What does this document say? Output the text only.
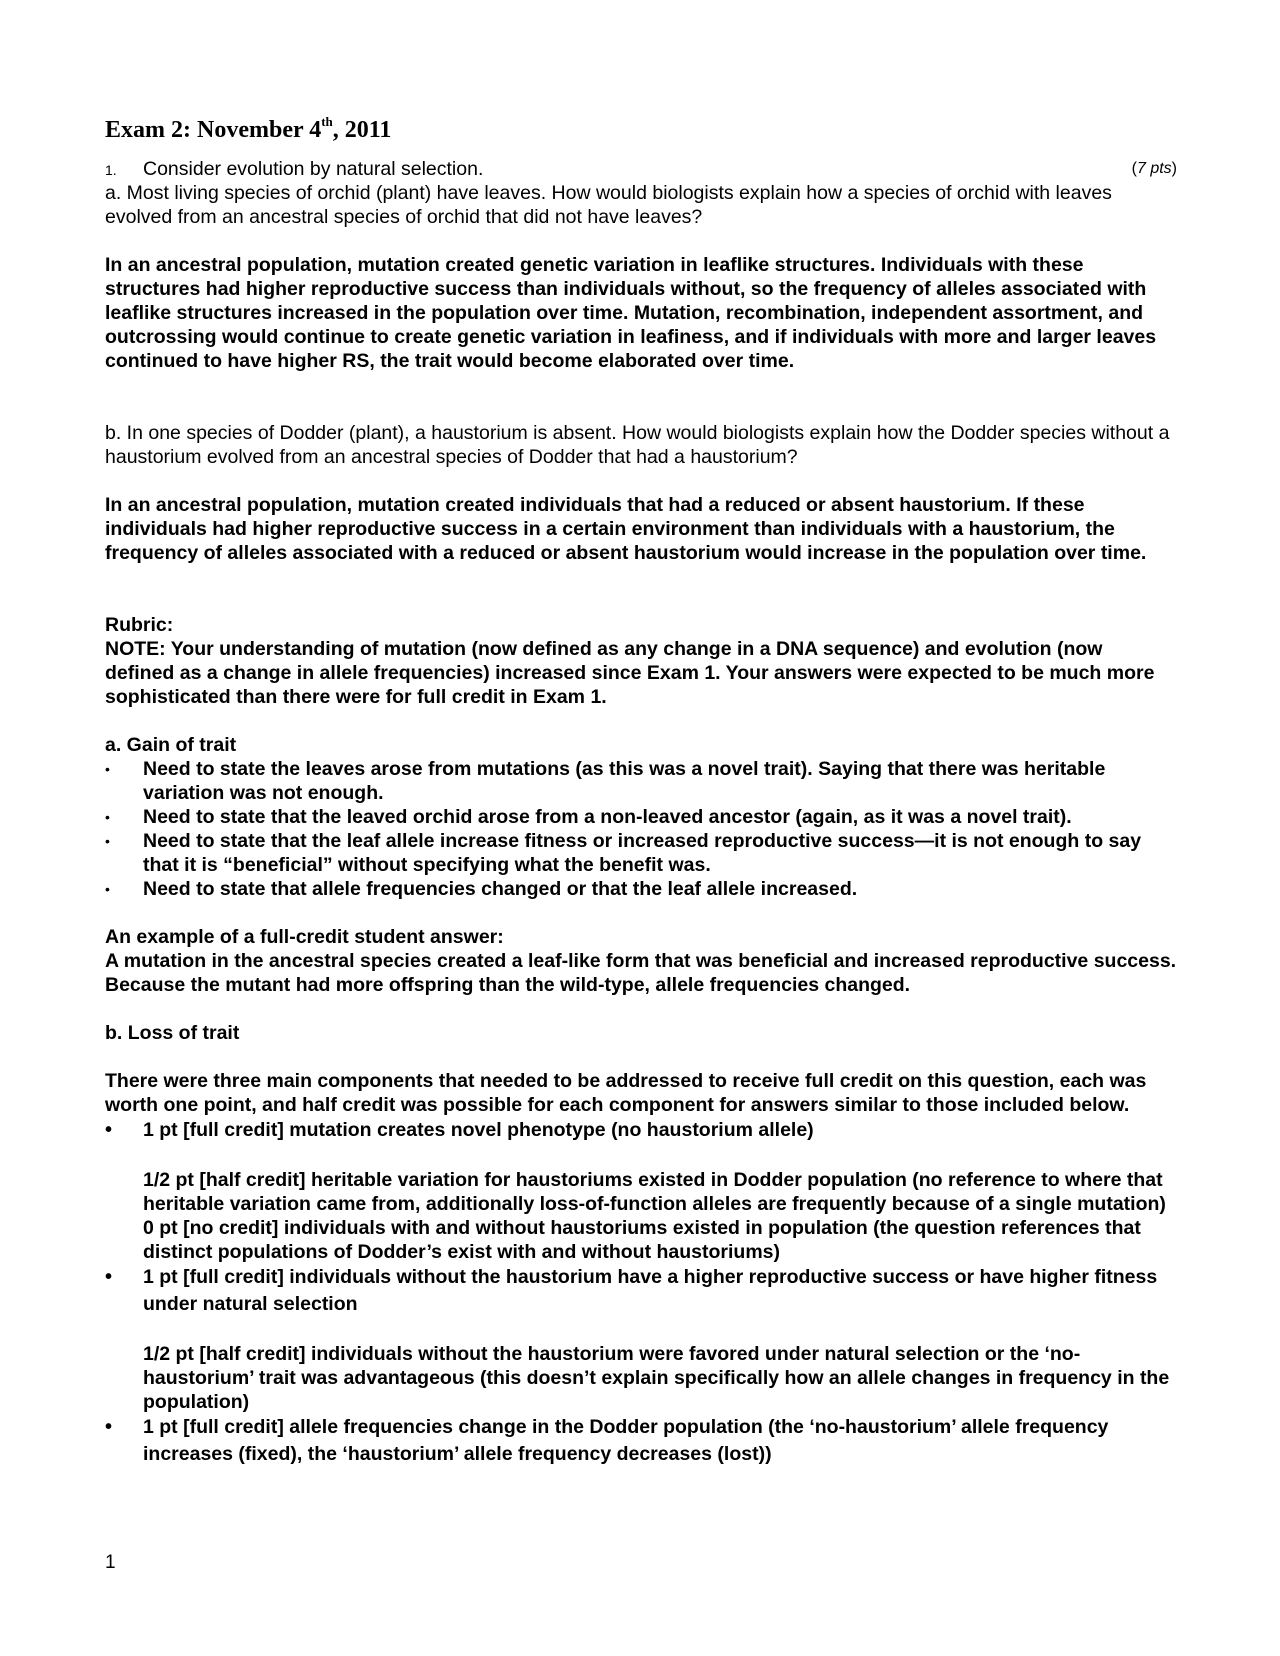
Exam 2: November 4th, 2011
1. Consider evolution by natural selection.	(7 pts)

a. Most living species of orchid (plant) have leaves. How would biologists explain how a species of orchid with leaves evolved from an ancestral species of orchid that did not have leaves?

In an ancestral population, mutation created genetic variation in leaflike structures. Individuals with these structures had higher reproductive success than individuals without, so the frequency of alleles associated with leaflike structures increased in the population over time. Mutation, recombination, independent assortment, and outcrossing would continue to create genetic variation in leafiness, and if individuals with more and larger leaves continued to have higher RS, the trait would become elaborated over time.

b. In one species of Dodder (plant), a haustorium is absent. How would biologists explain how the Dodder species without a haustorium evolved from an ancestral species of Dodder that had a haustorium?

In an ancestral population, mutation created individuals that had a reduced or absent haustorium. If these individuals had higher reproductive success in a certain environment than individuals with a haustorium, the frequency of alleles associated with a reduced or absent haustorium would increase in the population over time.

Rubric:

NOTE: Your understanding of mutation (now defined as any change in a DNA sequence) and evolution (now defined as a change in allele frequencies) increased since Exam 1. Your answers were expected to be much more sophisticated than there were for full credit in Exam 1.

a. Gain of trait

•	Need to state the leaves arose from mutations (as this was a novel trait). Saying that there was heritable variation was not enough.
•	Need to state that the leaved orchid arose from a non-leaved ancestor (again, as it was a novel trait).
•	Need to state that the leaf allele increase fitness or increased reproductive success—it is not enough to say that it is “beneficial” without specifying what the benefit was.
•	Need to state that allele frequencies changed or that the leaf allele increased.

An example of a full-credit student answer:

A mutation in the ancestral species created a leaf-like form that was beneficial and increased reproductive success. Because the mutant had more offspring than the wild-type, allele frequencies changed.

b. Loss of trait

There were three main components that needed to be addressed to receive full credit on this question, each was worth one point, and half credit was possible for each component for answers similar to those included below.

• 1 pt [full credit] mutation creates novel phenotype (no haustorium allele)
1/2 pt [half credit] heritable variation for haustoriums existed in Dodder population (no reference to where that heritable variation came from, additionally loss-of-function alleles are frequently because of a single mutation)
0 pt [no credit] individuals with and without haustoriums existed in population (the question references that distinct populations of Dodder’s exist with and without haustoriums)
• 1 pt [full credit] individuals without the haustorium have a higher reproductive success or have higher fitness under natural selection
1/2 pt [half credit] individuals without the haustorium were favored under natural selection or the ‘no-haustorium’ trait was advantageous (this doesn’t explain specifically how an allele changes in frequency in the population)
• 1 pt [full credit] allele frequencies change in the Dodder population (the ‘no-haustorium’ allele frequency increases (fixed), the ‘haustorium’ allele frequency decreases (lost))
1
